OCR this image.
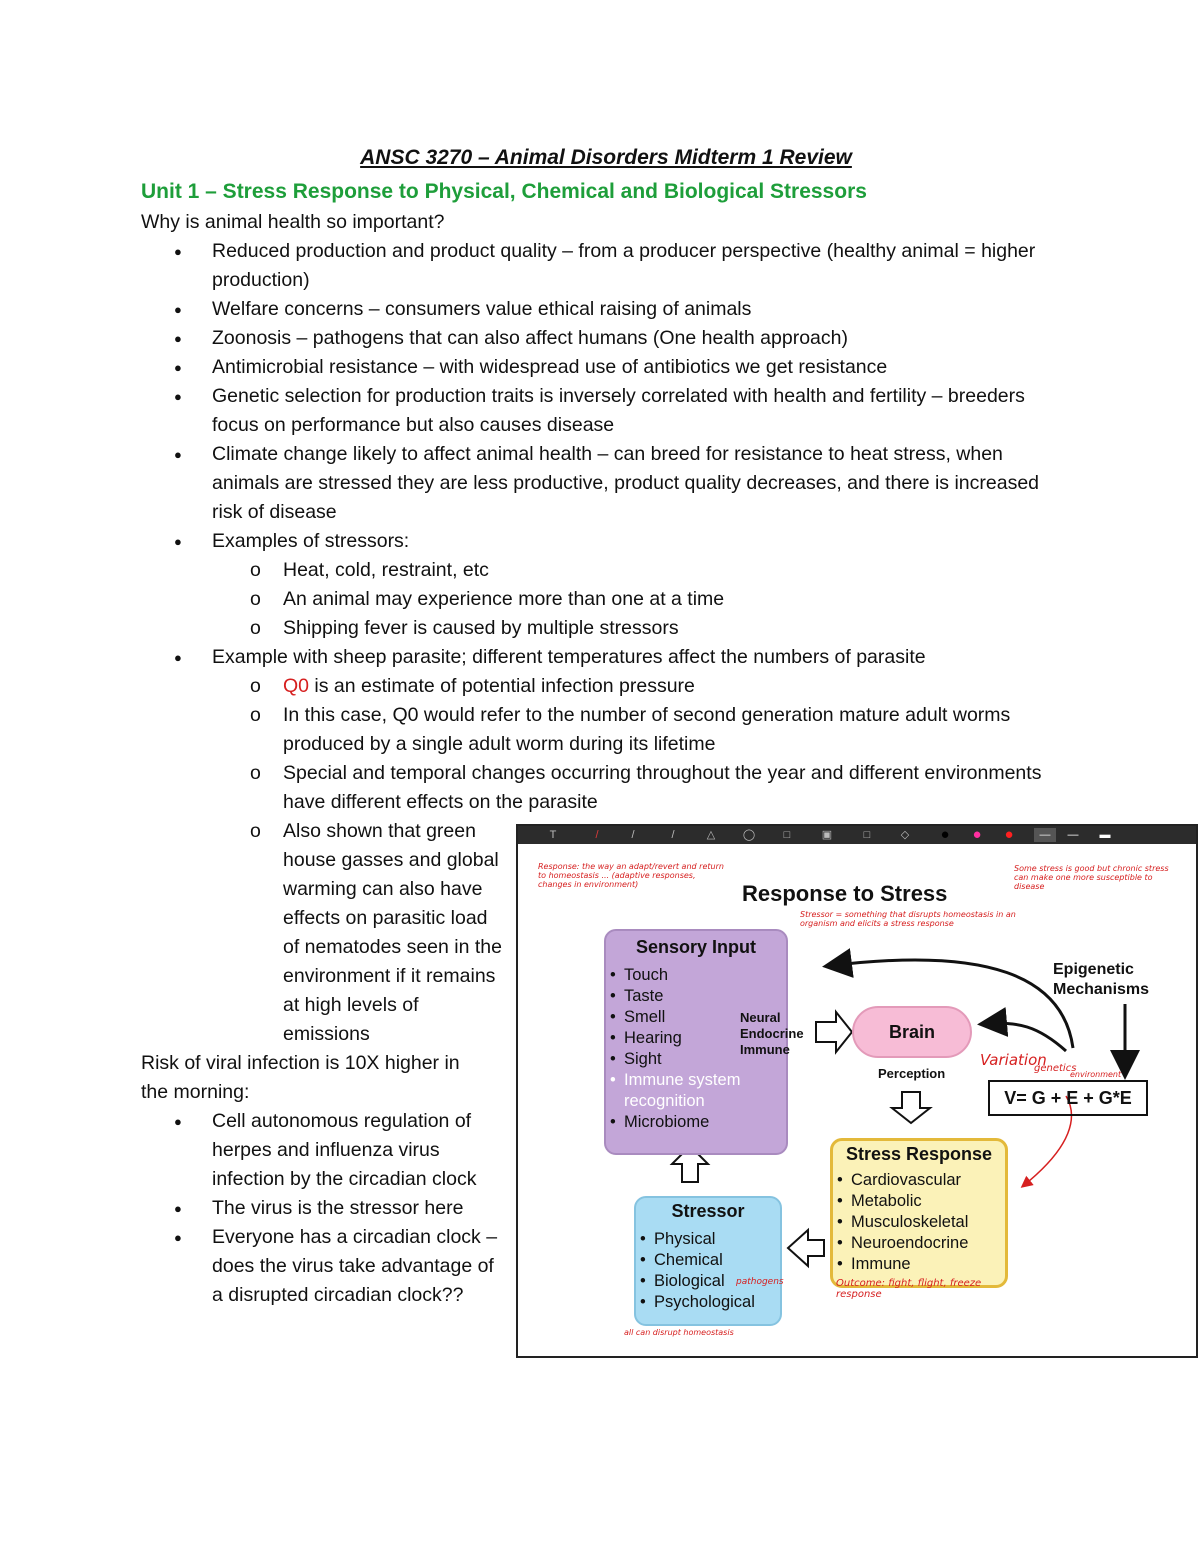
ANSC 3270 – Animal Disorders Midterm 1 Review
Unit 1 – Stress Response to Physical, Chemical and Biological Stressors
Why is animal health so important?
● Reduced production and product quality – from a producer perspective (healthy animal = higher production)
● Welfare concerns – consumers value ethical raising of animals
● Zoonosis – pathogens that can also affect humans (One health approach)
● Antimicrobial resistance – with widespread use of antibiotics we get resistance
● Genetic selection for production traits is inversely correlated with health and fertility – breeders focus on performance but also causes disease
● Climate change likely to affect animal health – can breed for resistance to heat stress, when animals are stressed they are less productive, product quality decreases, and there is increased risk of disease
● Examples of stressors:
o Heat, cold, restraint, etc
o An animal may experience more than one at a time
o Shipping fever is caused by multiple stressors
● Example with sheep parasite; different temperatures affect the numbers of parasite
o Q0 is an estimate of potential infection pressure
o In this case, Q0 would refer to the number of second generation mature adult worms produced by a single adult worm during its lifetime
o Special and temporal changes occurring throughout the year and different environments have different effects on the parasite
o Also shown that green house gasses and global warming can also have effects on parasitic load of nematodes seen in the environment if it remains at high levels of emissions
Risk of viral infection is 10X higher in the morning:
● Cell autonomous regulation of herpes and influenza virus infection by the circadian clock
● The virus is the stressor here
● Everyone has a circadian clock – does the virus take advantage of a disrupted circadian clock??
T	/	/	/	△	◯	□	▣	□	◇ ● ● ●	—	— ▬
Response to Stress
Sensory Input
• Touch
• Taste
• Smell
• Hearing
• Sight
• Immune system recognition
• Microbiome
Neural Endocrine Immune
Brain
Perception
Epigenetic Mechanisms
V= G + E + G*E
Stress Response
• Cardiovascular
• Metabolic
• Musculoskeletal
• Neuroendocrine
• Immune
Stressor
• Physical
• Chemical
• Biological
• Psychological
Response: the way an adapt/revert and return to homeostasis ... (adaptive responses, changes in environment)
Some stress is good but chronic stress can make one more susceptible to disease
Stressor = something that disrupts homeostasis in an organism and elicits a stress response
Variation
genetics
environment
Outcome: fight, flight, freeze response
pathogens
all can disrupt homeostasis
